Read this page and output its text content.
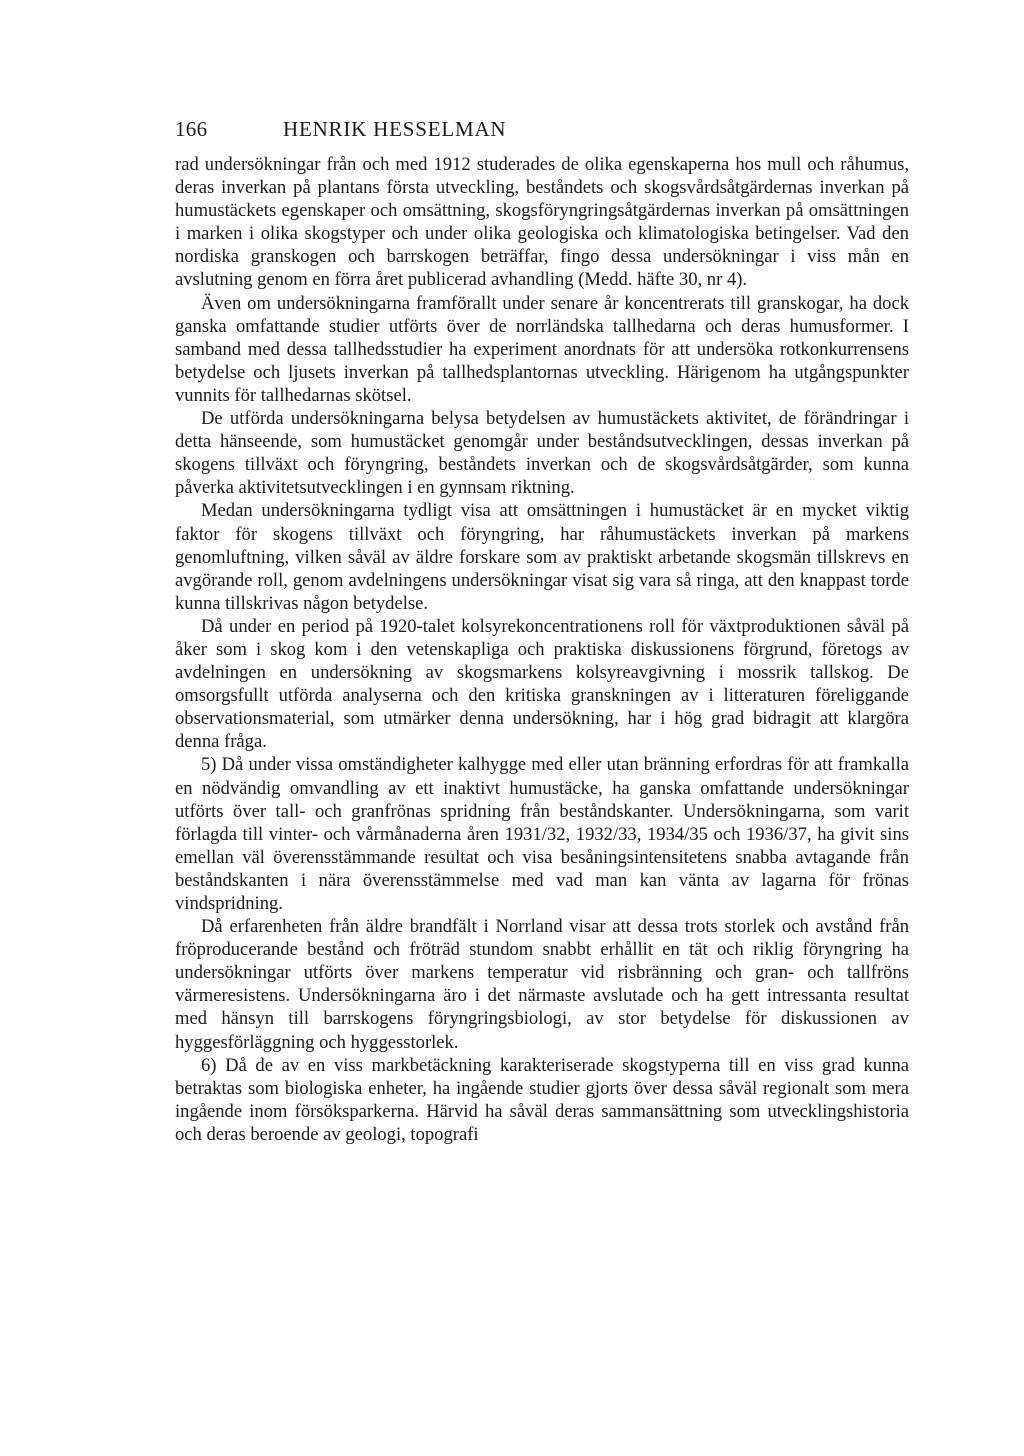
166	HENRIK HESSELMAN

rad undersökningar från och med 1912 studerades de olika egenskaperna hos mull och råhumus, deras inverkan på plantans första utveckling, beståndets och skogsvårdsåtgärdernas inverkan på humustäckets egenskaper och omsättning, skogsföryngringsåtgärdernas inverkan på omsättningen i marken i olika skogstyper och under olika geologiska och klimatologiska betingelser. Vad den nordiska granskogen och barrskogen beträffar, fingo dessa undersökningar i viss mån en avslutning genom en förra året publicerad avhandling (Medd. häfte 30, nr 4).

Även om undersökningarna framförallt under senare år koncentrerats till granskogar, ha dock ganska omfattande studier utförts över de norrländska tallhedarna och deras humusformer. I samband med dessa tallhedsstudier ha experiment anordnats för att undersöka rotkonkurrensens betydelse och ljusets inverkan på tallhedsplantornas utveckling. Härigenom ha utgångspunkter vunnits för tallhedarnas skötsel.

De utförda undersökningarna belysa betydelsen av humustäckets aktivitet, de förändringar i detta hänseende, som humustäcket genomgår under beståndsutvecklingen, dessas inverkan på skogens tillväxt och föryngring, beståndets inverkan och de skogsvårdsåtgärder, som kunna påverka aktivitetsutvecklingen i en gynnsam riktning.

Medan undersökningarna tydligt visa att omsättningen i humustäcket är en mycket viktig faktor för skogens tillväxt och föryngring, har råhumustäckets inverkan på markens genomluftning, vilken såväl av äldre forskare som av praktiskt arbetande skogsmän tillskrevs en avgörande roll, genom avdelningens undersökningar visat sig vara så ringa, att den knappast torde kunna tillskrivas någon betydelse.

Då under en period på 1920-talet kolsyrekoncentrationens roll för växtproduktionen såväl på åker som i skog kom i den vetenskapliga och praktiska diskussionens förgrund, företogs av avdelningen en undersökning av skogsmarkens kolsyreavgivning i mossrik tallskog. De omsorgsfullt utförda analyserna och den kritiska granskningen av i litteraturen föreliggande observationsmaterial, som utmärker denna undersökning, har i hög grad bidragit att klargöra denna fråga.

5) Då under vissa omständigheter kalhygge med eller utan bränning erfordras för att framkalla en nödvändig omvandling av ett inaktivt humustäcke, ha ganska omfattande undersökningar utförts över tall- och granfrönas spridning från beståndskanter. Undersökningarna, som varit förlagda till vinter- och vårmånaderna åren 1931/32, 1932/33, 1934/35 och 1936/37, ha givit sins emellan väl överensstämmande resultat och visa besåningsintensitetens snabba avtagande från beståndskanten i nära överensstämmelse med vad man kan vänta av lagarna för frönas vindspridning.

Då erfarenheten från äldre brandfält i Norrland visar att dessa trots storlek och avstånd från fröproducerande bestånd och fröträd stundom snabbt erhållit en tät och riklig föryngring ha undersökningar utförts över markens temperatur vid risbränning och gran- och tallfröns värmeresistens. Undersökningarna äro i det närmaste avslutade och ha gett intressanta resultat med hänsyn till barrskogens föryngringsbiologi, av stor betydelse för diskussionen av hyggesförläggning och hyggesstorlek.

6) Då de av en viss markbetäckning karakteriserade skogstyperna till en viss grad kunna betraktas som biologiska enheter, ha ingående studier gjorts över dessa såväl regionalt som mera ingående inom försöksparkerna. Härvid ha såväl deras sammansättning som utvecklingshistoria och deras beroende av geologi, topografi
